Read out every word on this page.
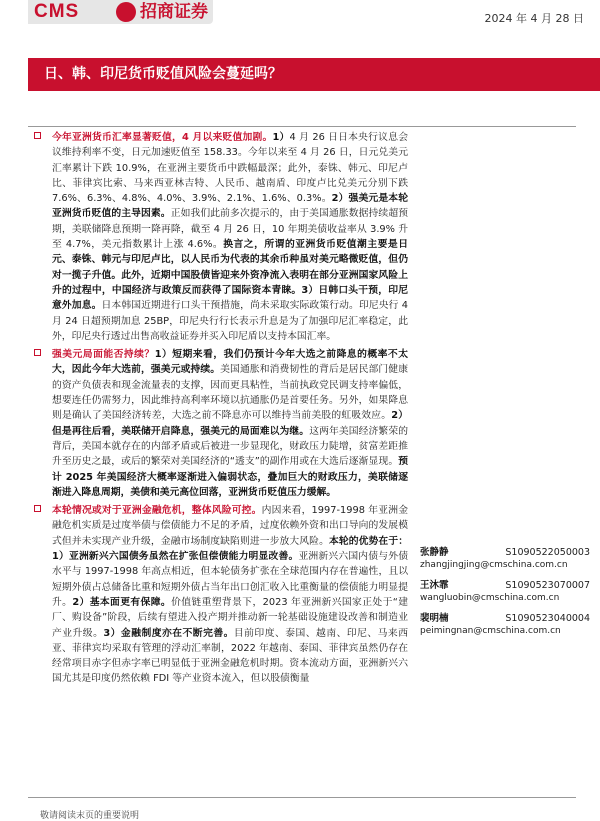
CMS	招商证券	2024 年 4 月 28 日
日、韩、印尼货币贬值风险会蔓延吗？
今年亚洲货币汇率显著贬值，4 月以来贬值加剧。1）4 月 26 日日本央行议息会议维持利率不变，日元加速贬值至 158.33。今年以来至 4 月 26 日，日元兑美元汇率累计下跌 10.9%，在亚洲主要货币中跌幅最深；此外，泰铢、韩元、印尼卢比、菲律宾比索、马来西亚林吉特、人民币、越南盾、印度卢比兑美元分别下跌 7.6%、6.3%、4.8%、4.0%、3.9%、2.1%、1.6%、0.3%。2）强美元是本轮亚洲货币贬值的主导因素。正如我们此前多次提示的，由于美国通胀数据持续超预期，美联储降息预期一降再降，截至 4 月 26 日，10 年期美债收益率从 3.9% 升至 4.7%，美元指数累计上涨 4.6%。换言之，所谓的亚洲货币贬值潮主要是日元、泰铢、韩元与印尼卢比，以人民币为代表的其余币种虽对美元略微贬值，但仍对一揽子升值。此外，近期中国股债皆迎来外资净流入表明在部分亚洲国家风险上升的过程中，中国经济与政策反而获得了国际资本青睐。3）日韩口头干预，印尼意外加息。日本韩国近期进行口头干预措施，尚未采取实际政策行动。印尼央行 4 月 24 日超预期加息 25BP，印尼央行行长表示升息是为了加强印尼汇率稳定，此外，印尼央行透过出售高收益证券并买入印尼盾以支持本国汇率。
强美元局面能否持续？1）短期来看，我们仍预计今年大选之前降息的概率不太大，因此今年大选前，强美元或持续。美国通胀和消费韧性的背后是居民部门健康的资产负债表和现金流量表的支撑，因而更具粘性，当前执政党民调支持率偏低，想要连任仍需努力，因此维持高利率环境以抗通胀仍是首要任务。另外，如果降息则是确认了美国经济转差，大选之前不降息亦可以维持当前美股的虹吸效应。2）但是再往后看，美联储开启降息，强美元的局面难以为继。这两年美国经济繁荣的背后，美国本就存在的内部矛盾或后被进一步显现化，财政压力陡增，贫富差距推升至历史之最，或后的繁荣对美国经济的“透支”的副作用或在大选后逐渐显现。预计 2025 年美国经济大概率逐渐进入偏弱状态，叠加巨大的财政压力，美联储逐渐进入降息周期，美债和美元高位回落，亚洲货币贬值压力缓解。
本轮情况或对于亚洲金融危机，整体风险可控。内因来看，1997-1998 年亚洲金融危机实质是过度举债与偿债能力不足的矛盾，过度依赖外资和出口导向的发展模式但并未实现产业升级，金融市场制度缺陷则进一步放大风险。本轮的优势在于：1）亚洲新兴六国债务虽然在扩张但偿债能力明显改善。亚洲新兴六国内债与外债水平与 1997-1998 年高点相近，但本轮债务扩张在全球范围内存在普遍性，且以短期外债占总储备比重和短期外债占当年出口创汇收入比重衡量的偿债能力明显提升。2）基本面更有保障。价值链重塑背景下，2023 年亚洲新兴国家正处于“建厂、购设备”阶段，后续有望进入投产期并推动新一轮基础设施建设改善和制造业产业升级。3）金融制度亦在不断完善。目前印度、泰国、越南、印尼、马来西亚、菲律宾均采取有管理的浮动汇率制，2022 年越南、泰国、菲律宾虽然仍存在经常项目赤字但赤字率已明显低于亚洲金融危机时期。资本流动方面，亚洲新兴六国尤其是印度仍然依赖 FDI 等产业资本流入，但以股债衡量
张静静	S1090522050003
zhangjingjing@cmschina.com.cn
王沐霏	S1090523070007
wangluobin@cmschina.com.cn
裴明楠	S1090523040004
peimingnan@cmschina.com.cn
敬请阅读末页的重要说明
